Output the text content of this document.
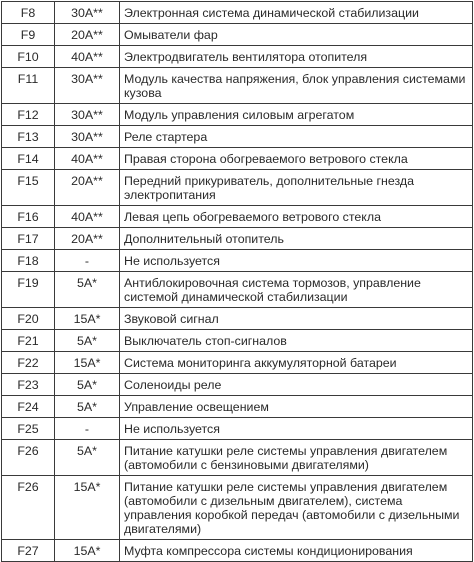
F8	30A**	Электронная система динамической стабилизации

F9	20A**	Омыватели фар

F10	40A**	Электродвигатель вентилятора отопителя

F11	30A**	Модуль качества напряжения, блок управления системами кузова

F12	30A**	Модуль управления силовым агрегатом

F13	30A**	Реле стартера

F14	40A**	Правая сторона обогреваемого ветрового стекла

F15	20A**	Передний прикуриватель, дополнительные гнезда электропитания

F16	40A**	Левая цепь обогреваемого ветрового стекла

F17	20A**	Дополнительный отопитель

F18	-	Не используется

F19	5A*	Антиблокировочная система тормозов, управление системой динамической стабилизации

F20	15A*	Звуковой сигнал

F21	5A*	Выключатель стоп-сигналов

F22	15A*	Система мониторинга аккумуляторной батареи

F23	5A*	Соленоиды реле

F24	5A*	Управление освещением

F25	-	Не используется

F26	5A*	Питание катушки реле системы управления двигателем (автомобили с бензиновыми двигателями)

F26	15A*	Питание катушки реле системы управления двигателем (автомобили с дизельным двигателем), система управления коробкой передач (автомобили с дизельными двигателями)

F27	15A*	Муфта компрессора системы кондиционирования
